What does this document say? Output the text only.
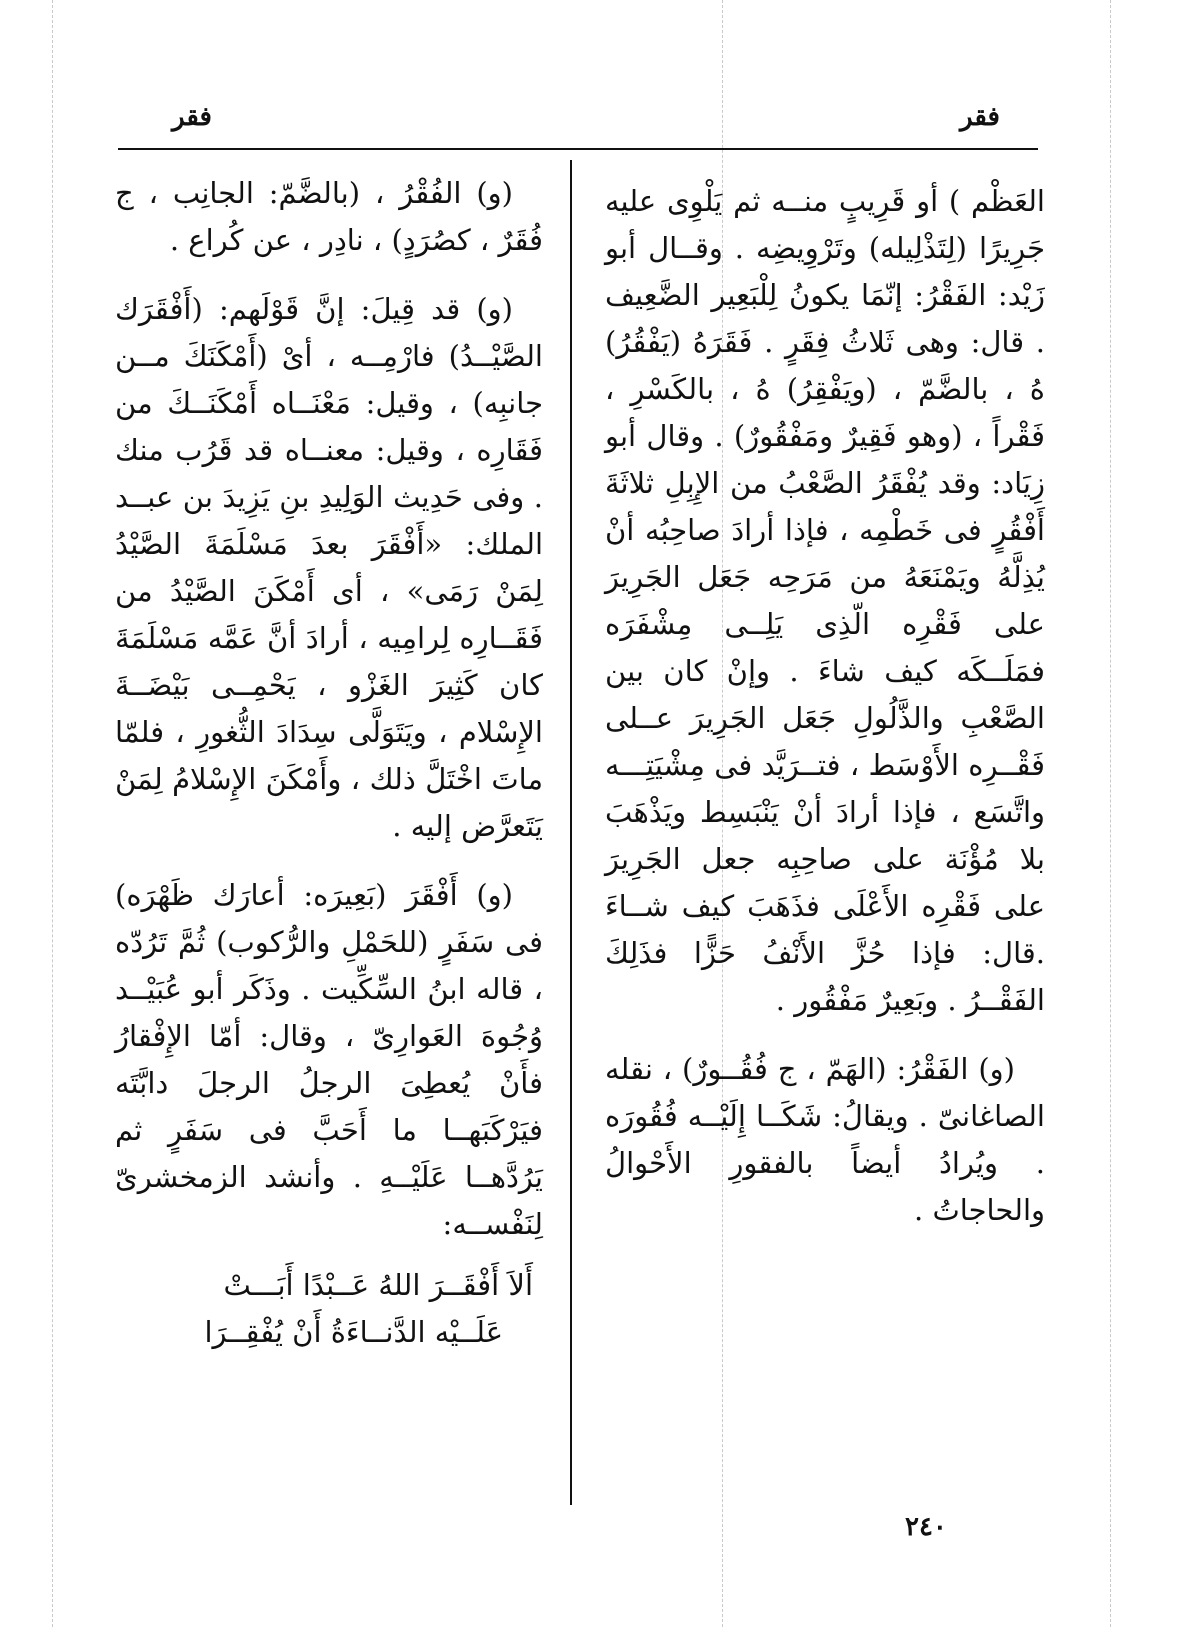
فقر
فقر

العَظْم ) أو قَرِيبٍ منــه ثم يَلْوِى عليه جَرِيرًا (لِتَذْلِيله) وتَرْوِيضِه . وقــال أبو زَيْد: الفَقْرُ: إنّمَا يكونُ لِلْبَعِير الضَّعِيف . قال: وهى ثَلاثُ فِقَرٍ . فَقَرَهُ (يَفْقُرُ) هُ ، بالضَّمّ ، (ويَفْقِرُ) هُ ، بالكَسْرِ ، فَقْراً ، (وهو فَقِيرٌ ومَفْقُورٌ) . وقال أبو زِيَاد: وقد يُفْقَرُ الصَّعْبُ من الإِبِلِ ثلاثَةَ أَفْقُرٍ فى خَطْمِه ، فإذا أرادَ صاحِبُه أنْ يُذِلَّهُ ويَمْنَعَهُ من مَرَحِه جَعَل الجَرِيرَ على فَقْرِه الّذِى يَلِــى مِشْفَرَه فمَلَــكَه كيف شاءَ . وإنْ كان بين الصَّعْبِ والذَّلُولِ جَعَل الجَرِيرَ عــلى فَقْــرِه الأَوْسَط ، فتــرَيَّد فى مِشْيَتِـــه واتَّسَع ، فإذا أرادَ أنْ يَنْبَسِط ويَذْهَبَ بلا مُؤْنَة على صاحِبِه جعل الجَرِيرَ على فَقْرِه الأَعْلَى فذَهَبَ كيف شــاءَ .قال: فإذا حُزَّ الأَنْفُ حَزًّا فذَلِكَ الفَقْــرُ . وبَعِيرٌ مَفْقُور .

(و) الفَقْرُ: (الهَمّ ، ج فُقُــورٌ) ، نقله الصاغانىّ . ويقالُ: شَكَــا إِلَيْــه فُقُورَه . ويُرادُ أيضاً بالفقورِ الأَحْوالُ والحاجاتُ .

(و) الفُقْرُ ، (بالضَّمّ: الجانِب ، ج فُقَرٌ ، كصُرَدٍ) ، نادِر ، عن كُراع .

(و) قد قِيلَ: إنَّ قَوْلَهم: (أَفْقَرَك الصَّيْــدُ) فارْمِــه ، أىْ (أَمْكَنَكَ مــن جانبِه) ، وقيل: مَعْنَــاه أَمْكَنَــكَ من فَقَارِه ، وقيل: معنــاه قد قَرُب منك . وفى حَدِيث الوَلِيدِ بنِ يَزِيدَ بن عبــد الملك: «أَفْقَرَ بعدَ مَسْلَمَةَ الصَّيْدُ لِمَنْ رَمَى» ، أى أَمْكَنَ الصَّيْدُ من فَقَــارِه لِرامِيه ، أرادَ أنَّ عَمَّه مَسْلَمَةَ كان كَثِيرَ الغَزْو ، يَحْمِــى بَيْضَــةَ الإِسْلام ، ويَتَوَلَّى سِدَادَ الثُّغورِ ، فلمّا ماتَ اخْتَلَّ ذلك ، وأَمْكَنَ الإِسْلامُ لِمَنْ يَتَعرَّض إليه .

(و) أَفْقَرَ (بَعِيرَه: أعارَك ظَهْرَه) فى سَفَرٍ (للحَمْلِ والرُّكوب) ثُمَّ تَرُدّه ، قاله ابنُ السِّكِّيت . وذَكَر أبو عُبَيْــد وُجُوهَ العَوارِىّ ، وقال: أمّا الإِفْقارُ فأَنْ يُعطِىَ الرجلُ الرجلَ دابَّتَه فيَرْكَبَهــا ما أَحَبَّ فى سَفَرٍ ثم يَرُدَّهــا عَلَيْــهِ . وأنشد الزمخشرىّ لِنَفْســه:

أَلاَ أَفْقَــرَ اللهُ عَــبْدًا أَبَـــتْ

عَلَــيْه الدَّنــاءَةُ أَنْ يُفْقِــرَا

٢٤٠
